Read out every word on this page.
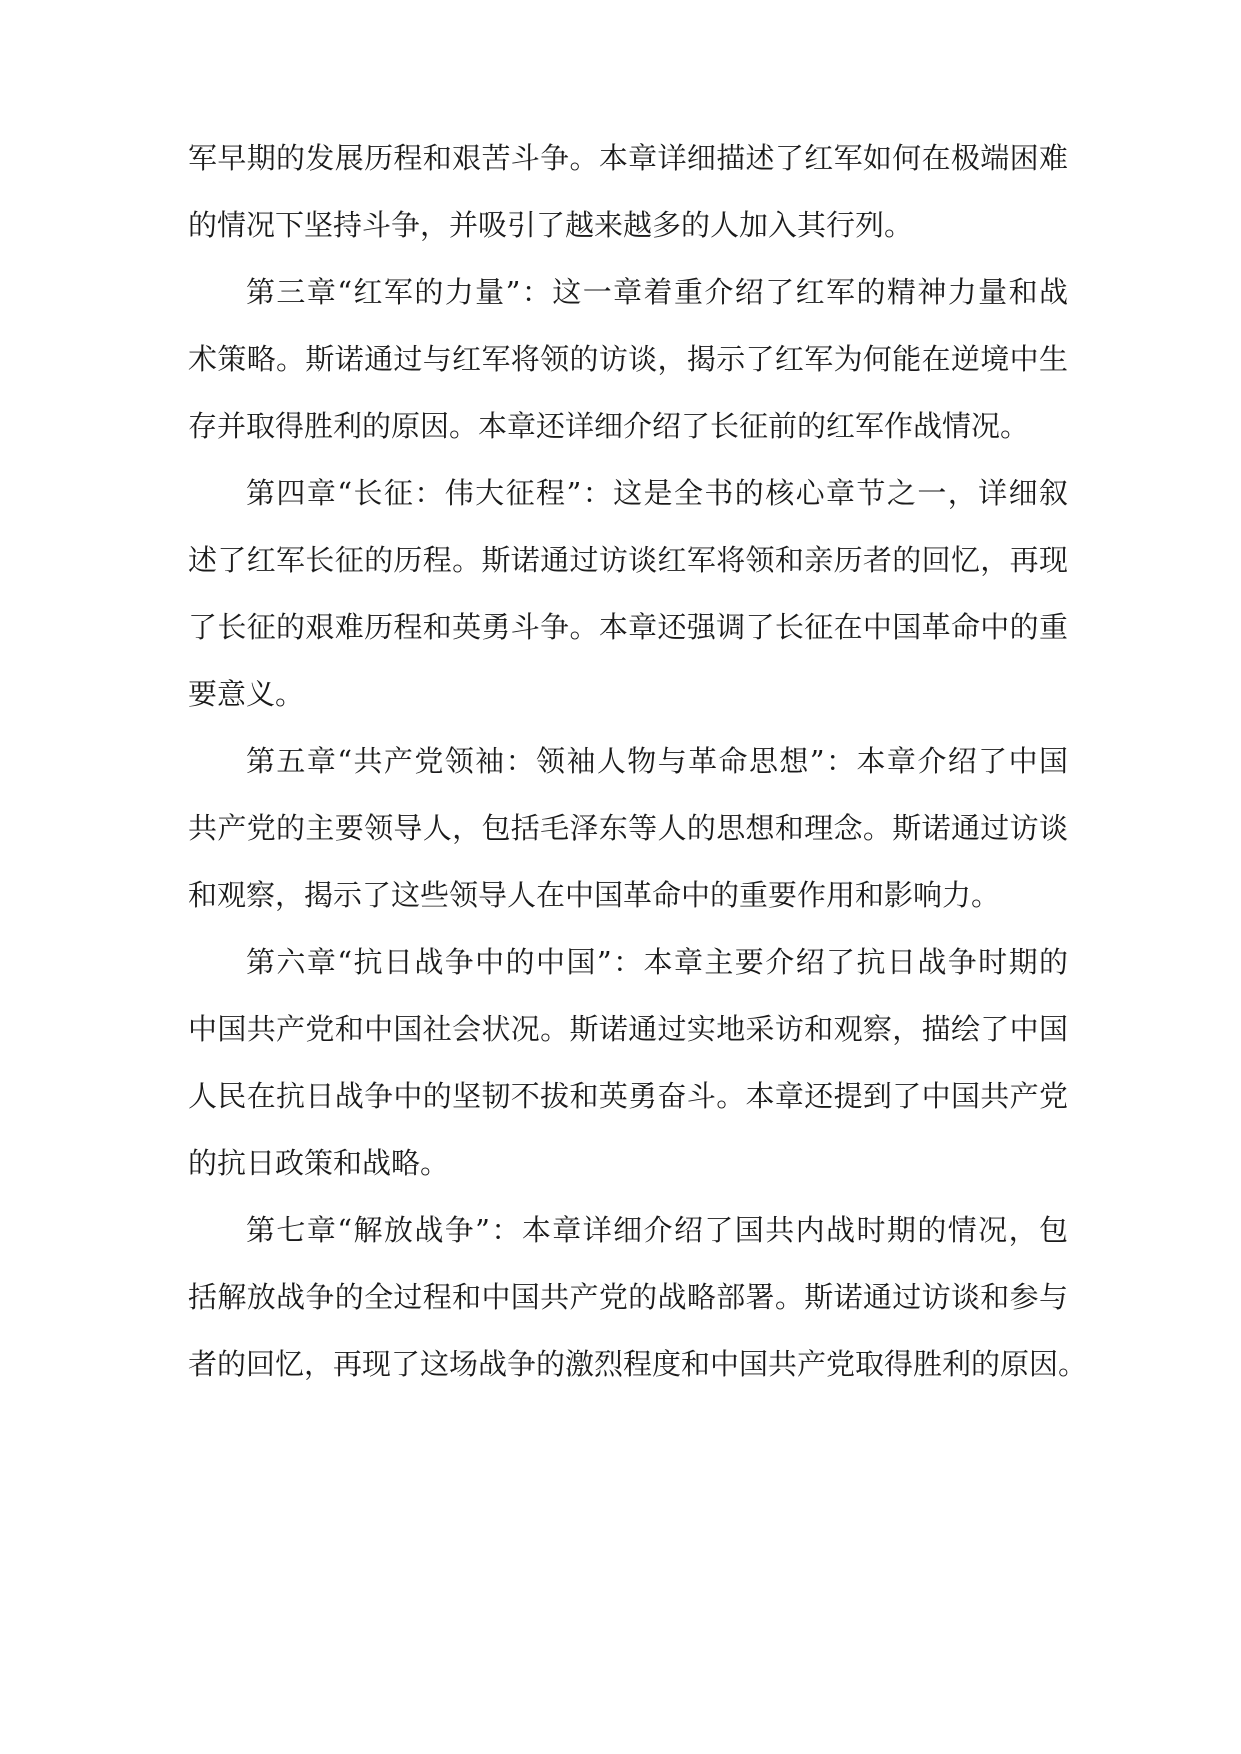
军早期的发展历程和艰苦斗争。本章详细描述了红军如何在极端困难
的情况下坚持斗争，并吸引了越来越多的人加入其行列。
第三章“红军的力量”：这一章着重介绍了红军的精神力量和战
术策略。斯诺通过与红军将领的访谈，揭示了红军为何能在逆境中生
存并取得胜利的原因。本章还详细介绍了长征前的红军作战情况。
第四章“长征：伟大征程”：这是全书的核心章节之一，详细叙
述了红军长征的历程。斯诺通过访谈红军将领和亲历者的回忆，再现
了长征的艰难历程和英勇斗争。本章还强调了长征在中国革命中的重
要意义。
第五章“共产党领袖：领袖人物与革命思想”：本章介绍了中国
共产党的主要领导人，包括毛泽东等人的思想和理念。斯诺通过访谈
和观察，揭示了这些领导人在中国革命中的重要作用和影响力。
第六章“抗日战争中的中国”：本章主要介绍了抗日战争时期的
中国共产党和中国社会状况。斯诺通过实地采访和观察，描绘了中国
人民在抗日战争中的坚韧不拔和英勇奋斗。本章还提到了中国共产党
的抗日政策和战略。
第七章“解放战争”：本章详细介绍了国共内战时期的情况，包
括解放战争的全过程和中国共产党的战略部署。斯诺通过访谈和参与
者的回忆，再现了这场战争的激烈程度和中国共产党取得胜利的原因。
